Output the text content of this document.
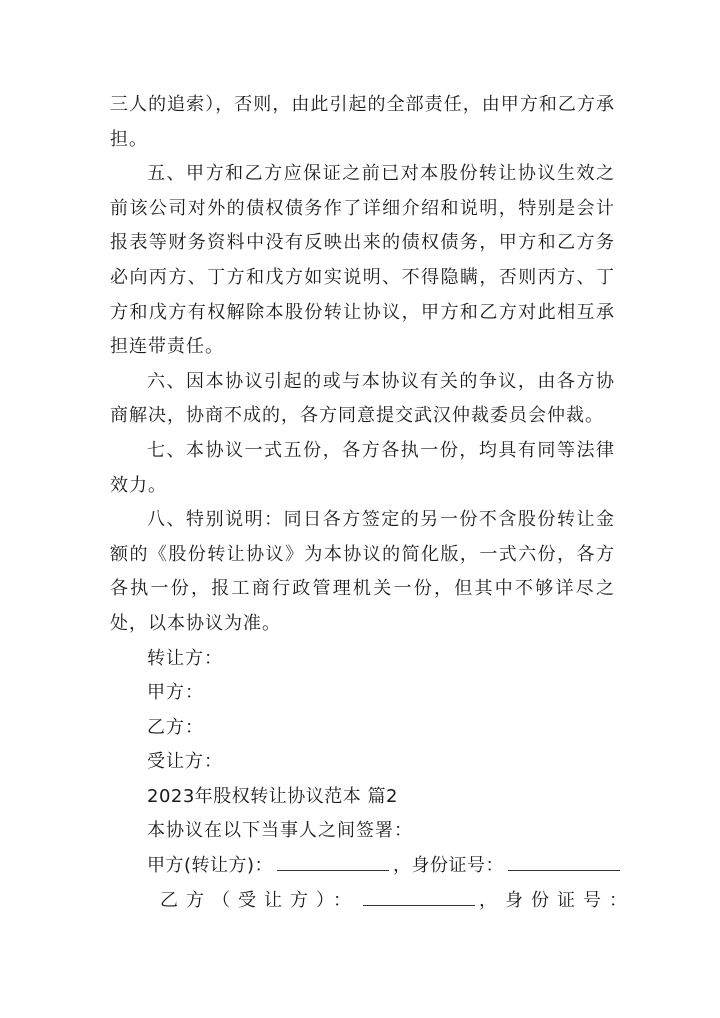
三人的追索），否则，由此引起的全部责任，由甲方和乙方承担。

五、甲方和乙方应保证之前已对本股份转让协议生效之前该公司对外的债权债务作了详细介绍和说明，特别是会计报表等财务资料中没有反映出来的债权债务，甲方和乙方务必向丙方、丁方和戊方如实说明、不得隐瞒，否则丙方、丁方和戊方有权解除本股份转让协议，甲方和乙方对此相互承担连带责任。

六、因本协议引起的或与本协议有关的争议，由各方协商解决，协商不成的，各方同意提交武汉仲裁委员会仲裁。

七、本协议一式五份，各方各执一份，均具有同等法律效力。

八、特别说明：同日各方签定的另一份不含股份转让金额的《股份转让协议》为本协议的简化版，一式六份，各方各执一份，报工商行政管理机关一份，但其中不够详尽之处，以本协议为准。

转让方：

甲方：

乙方：

受让方：

2023年股权转让协议范本 篇2

本协议在以下当事人之间签署：

甲方(转让方)：	，身份证号：

乙方（受让方）：	，身份证号：
